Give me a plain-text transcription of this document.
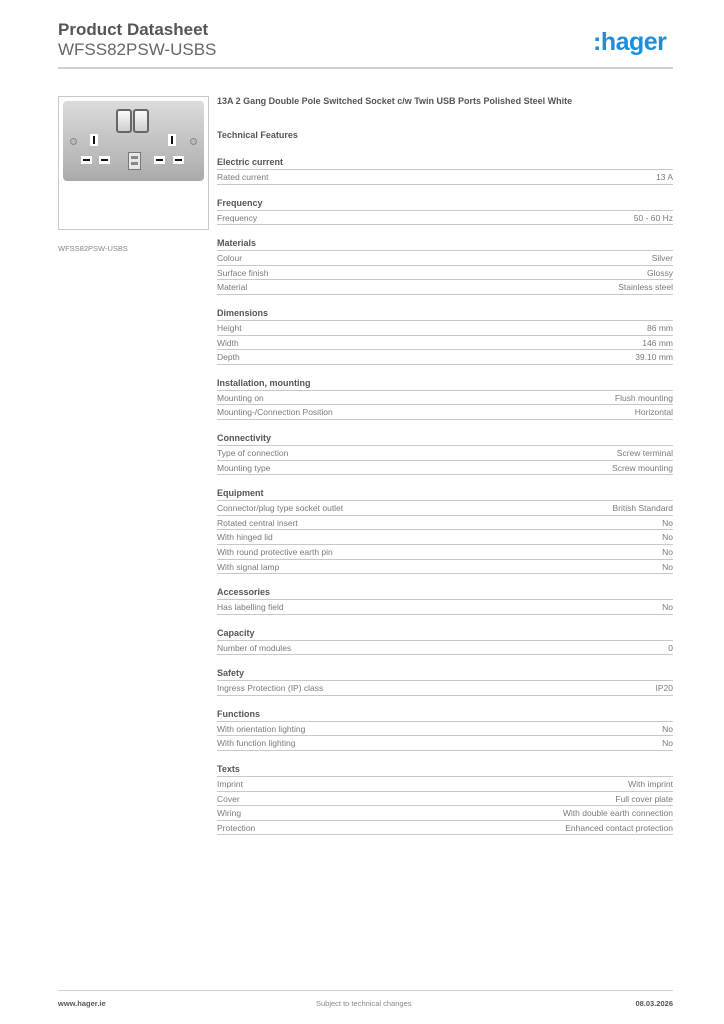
Product Datasheet
WFSS82PSW-USBS	:hager
WFSS82PSW-USBS
13A 2 Gang Double Pole Switched Socket c/w Twin USB Ports Polished Steel White
Technical Features
Electric current
Rated current	13 A
Frequency
Frequency	50 - 60 Hz
Materials
Colour	Silver
Surface finish	Glossy
Material	Stainless steel
Dimensions
Height	86 mm
Width	146 mm
Depth	39.10 mm
Installation, mounting
Mounting on	Flush mounting
Mounting-/Connection Position	Horizontal
Connectivity
Type of connection	Screw terminal
Mounting type	Screw mounting
Equipment
Connector/plug type socket outlet	British Standard
Rotated central insert	No
With hinged lid	No
With round protective earth pin	No
With signal lamp	No
Accessories
Has labelling field	No
Capacity
Number of modules	0
Safety
Ingress Protection (IP) class	IP20
Functions
With orientation lighting	No
With function lighting	No
Texts
Imprint	With imprint
Cover	Full cover plate
Wiring	With double earth connection
Protection	Enhanced contact protection
www.hager.ie	Subject to technical changes	08.03.2026
